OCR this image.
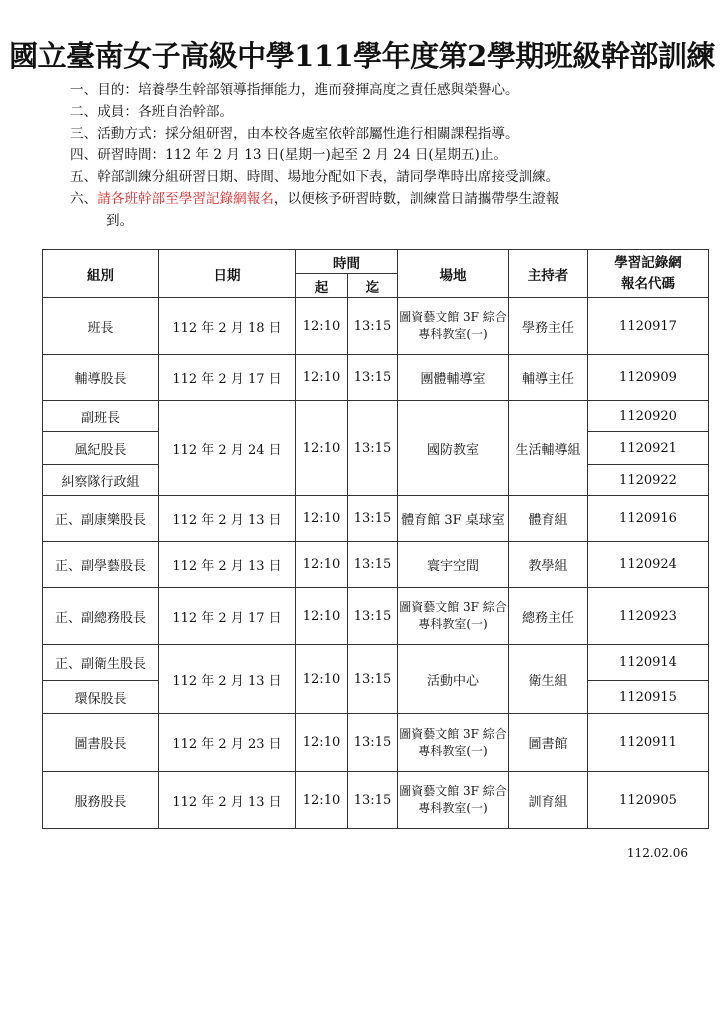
國立臺南女子高級中學111學年度第2學期班級幹部訓練
一、 目的：培養學生幹部領導指揮能力，進而發揮高度之責任感與榮譽心。
二、 成員：各班自治幹部。
三、 活動方式：採分組研習，由本校各處室依幹部屬性進行相關課程指導。
四、 研習時間：112 年 2 月 13 日(星期一)起至 2 月 24 日(星期五)止。
五、 幹部訓練分組研習日期、時間、場地分配如下表，請同學準時出席接受訓練。
六、 請各班幹部至學習記錄網報名，以便核予研習時數，訓練當日請攜帶學生證報
到。
組別	日期	時間		場地	主持者	學習記錄網
報名代碼
		起	迄			
班長	112 年 2 月 18 日	12:10	13:15	圖資藝文館 3F 綜合專科教室(一)	學務主任	1120917
輔導股長	112 年 2 月 17 日	12:10	13:15	團體輔導室	輔導主任	1120909
副班長	112 年 2 月 24 日	12:10	13:15	國防教室	生活輔導組	1120920
風紀股長						1120921
糾察隊行政組						1120922
正、副康樂股長	112 年 2 月 13 日	12:10	13:15	體育館 3F 桌球室	體育組	1120916
正、副學藝股長	112 年 2 月 13 日	12:10	13:15	寰宇空間	教學組	1120924
正、副總務股長	112 年 2 月 17 日	12:10	13:15	圖資藝文館 3F 綜合專科教室(一)	總務主任	1120923
正、副衛生股長	112 年 2 月 13 日	12:10	13:15	活動中心	衛生組	1120914
環保股長						1120915
圖書股長	112 年 2 月 23 日	12:10	13:15	圖資藝文館 3F 綜合專科教室(一)	圖書館	1120911
服務股長	112 年 2 月 13 日	12:10	13:15	圖資藝文館 3F 綜合專科教室(一)	訓育組	1120905
112.02.06
